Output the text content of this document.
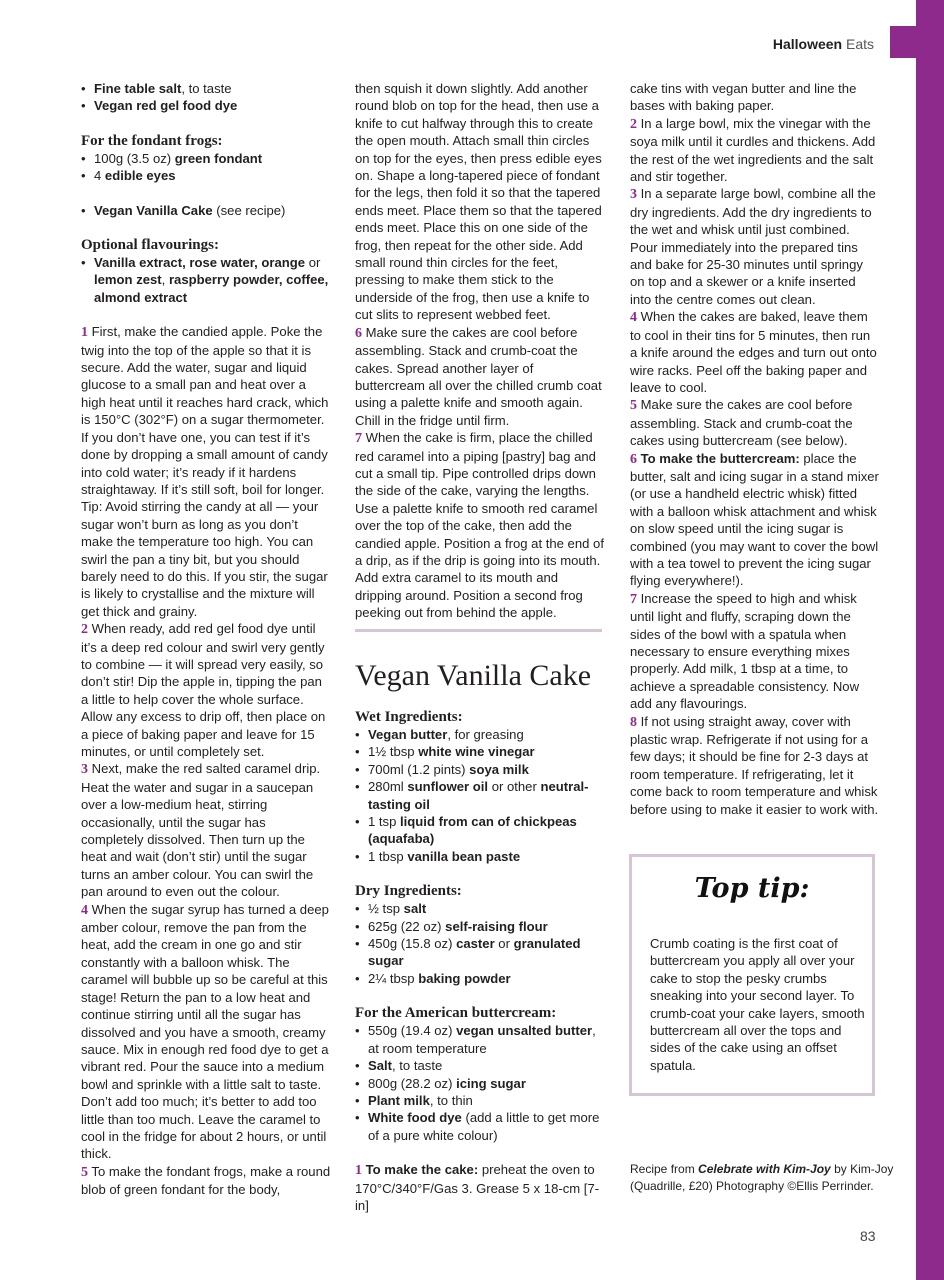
Halloween Eats
• Fine table salt, to taste
• Vegan red gel food dye

For the fondant frogs:

• 100g (3.5 oz) green fondant
• 4 edible eyes
• Vegan Vanilla Cake (see recipe)

Optional flavourings:

• Vanilla extract, rose water, orange or lemon zest, raspberry powder, coffee, almond extract

1 First, make the candied apple. Poke the twig into the top of the apple so that it is secure. Add the water, sugar and liquid glucose to a small pan and heat over a high heat until it reaches hard crack, which is 150°C (302°F) on a sugar thermometer. If you don’t have one, you can test if it’s done by dropping a small amount of candy into cold water; it’s ready if it hardens straightaway. If it’s still soft, boil for longer. Tip: Avoid stirring the candy at all — your sugar won’t burn as long as you don’t make the temperature too high. You can swirl the pan a tiny bit, but you should barely need to do this. If you stir, the sugar is likely to crystallise and the mixture will get thick and grainy.

2 When ready, add red gel food dye until it’s a deep red colour and swirl very gently to combine — it will spread very easily, so don’t stir! Dip the apple in, tipping the pan a little to help cover the whole surface. Allow any excess to drip off, then place on a piece of baking paper and leave for 15 minutes, or until completely set.

3 Next, make the red salted caramel drip. Heat the water and sugar in a saucepan over a low-medium heat, stirring occasionally, until the sugar has completely dissolved. Then turn up the heat and wait (don’t stir) until the sugar turns an amber colour. You can swirl the pan around to even out the colour.

4 When the sugar syrup has turned a deep amber colour, remove the pan from the heat, add the cream in one go and stir constantly with a balloon whisk. The caramel will bubble up so be careful at this stage! Return the pan to a low heat and continue stirring until all the sugar has dissolved and you have a smooth, creamy sauce. Mix in enough red food dye to get a vibrant red. Pour the sauce into a medium bowl and sprinkle with a little salt to taste. Don’t add too much; it’s better to add too little than too much. Leave the caramel to cool in the fridge for about 2 hours, or until thick.

5 To make the fondant frogs, make a round blob of green fondant for the body,

then squish it down slightly. Add another round blob on top for the head, then use a knife to cut halfway through this to create the open mouth. Attach small thin circles on top for the eyes, then press edible eyes on. Shape a long-tapered piece of fondant for the legs, then fold it so that the tapered ends meet. Place them so that the tapered ends meet. Place this on one side of the frog, then repeat for the other side. Add small round thin circles for the feet, pressing to make them stick to the underside of the frog, then use a knife to cut slits to represent webbed feet.

6 Make sure the cakes are cool before assembling. Stack and crumb-coat the cakes. Spread another layer of buttercream all over the chilled crumb coat using a palette knife and smooth again. Chill in the fridge until firm.

7 When the cake is firm, place the chilled red caramel into a piping [pastry] bag and cut a small tip. Pipe controlled drips down the side of the cake, varying the lengths. Use a palette knife to smooth red caramel over the top of the cake, then add the candied apple. Position a frog at the end of a drip, as if the drip is going into its mouth. Add extra caramel to its mouth and dripping around. Position a second frog peeking out from behind the apple.

Vegan Vanilla Cake

Wet Ingredients:

• Vegan butter, for greasing
• 1½ tbsp white wine vinegar
• 700ml (1.2 pints) soya milk
• 280ml sunflower oil or other neutral-tasting oil
• 1 tsp liquid from can of chickpeas (aquafaba)
• 1 tbsp vanilla bean paste

Dry Ingredients:

• ½ tsp salt
• 625g (22 oz) self-raising flour
• 450g (15.8 oz) caster or granulated sugar
• 2¼ tbsp baking powder

For the American buttercream:

• 550g (19.4 oz) vegan unsalted butter, at room temperature
• Salt, to taste
• 800g (28.2 oz) icing sugar
• Plant milk, to thin
• White food dye (add a little to get more of a pure white colour)

1 To make the cake: preheat the oven to 170°C/340°F/Gas 3. Grease 5 x 18-cm [7-in]

cake tins with vegan butter and line the bases with baking paper.

2 In a large bowl, mix the vinegar with the soya milk until it curdles and thickens. Add the rest of the wet ingredients and the salt and stir together.

3 In a separate large bowl, combine all the dry ingredients. Add the dry ingredients to the wet and whisk until just combined. Pour immediately into the prepared tins and bake for 25-30 minutes until springy on top and a skewer or a knife inserted into the centre comes out clean.

4 When the cakes are baked, leave them to cool in their tins for 5 minutes, then run a knife around the edges and turn out onto wire racks. Peel off the baking paper and leave to cool.

5 Make sure the cakes are cool before assembling. Stack and crumb-coat the cakes using buttercream (see below).

6 To make the buttercream: place the butter, salt and icing sugar in a stand mixer (or use a handheld electric whisk) fitted with a balloon whisk attachment and whisk on slow speed until the icing sugar is combined (you may want to cover the bowl with a tea towel to prevent the icing sugar flying everywhere!).

7 Increase the speed to high and whisk until light and fluffy, scraping down the sides of the bowl with a spatula when necessary to ensure everything mixes properly. Add milk, 1 tbsp at a time, to achieve a spreadable consistency. Now add any flavourings.

8 If not using straight away, cover with plastic wrap. Refrigerate if not using for a few days; it should be fine for 2-3 days at room temperature. If refrigerating, let it come back to room temperature and whisk before using to make it easier to work with.

Top tip:
Crumb coating is the first coat of buttercream you apply all over your cake to stop the pesky crumbs sneaking into your second layer. To crumb-coat your cake layers, smooth buttercream all over the tops and sides of the cake using an offset spatula.
Recipe from Celebrate with Kim-Joy by Kim-Joy (Quadrille, £20) Photography ©Ellis Perrinder.
83
